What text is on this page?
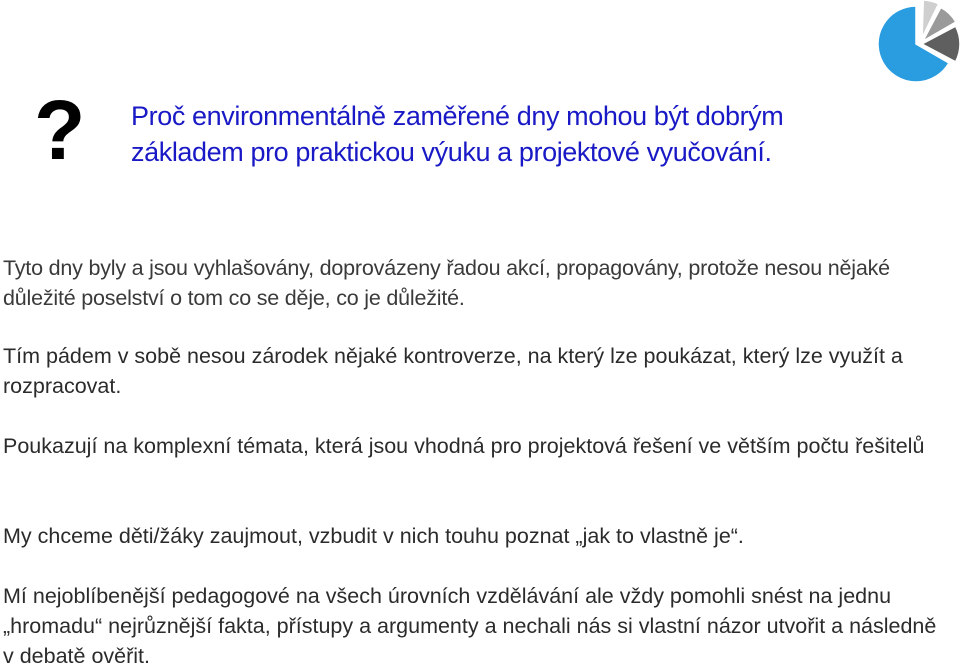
? Proč environmentálně zaměřené dny mohou být dobrým
základem pro praktickou výuku a projektové vyučování.

Tyto dny byly a jsou vyhlašovány, doprovázeny řadou akcí, propagovány, protože nesou nějaké důležité poselství o tom co se děje, co je důležité.

Tím pádem v sobě nesou zárodek nějaké kontroverze, na který lze poukázat, který lze využít a rozpracovat.

Poukazují na komplexní témata, která jsou vhodná pro projektová řešení ve větším počtu řešitelů

My chceme děti/žáky zaujmout, vzbudit v nich touhu poznat „jak to vlastně je“.

Mí nejoblíbenější pedagogové na všech úrovních vzdělávání ale vždy pomohli snést na jednu „hromadu“ nejrůznější fakta, přístupy a argumenty a nechali nás si vlastní názor utvořit a následně v debatě ověřit.
